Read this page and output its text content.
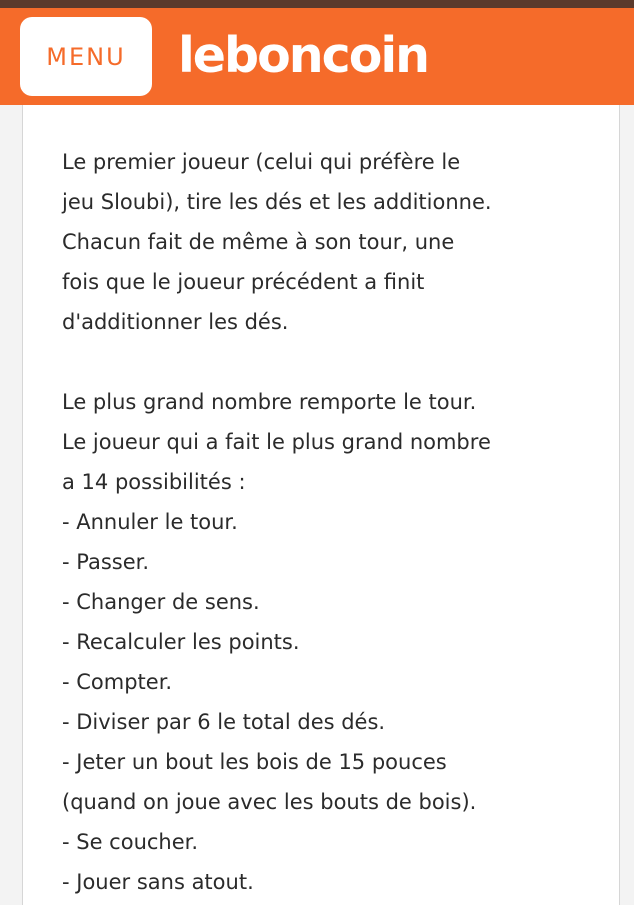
MENU leboncoin

Le premier joueur (celui qui préfère le

jeu Sloubi), tire les dés et les additionne.

Chacun fait de même à son tour, une

fois que le joueur précédent a finit

d'additionner les dés.

Le plus grand nombre remporte le tour.

Le joueur qui a fait le plus grand nombre

a 14 possibilités :

- Annuler le tour.

- Passer.

- Changer de sens.

- Recalculer les points.

- Compter.

- Diviser par 6 le total des dés.

- Jeter un bout les bois de 15 pouces

(quand on joue avec les bouts de bois).

- Se coucher.

- Jouer sans atout.
